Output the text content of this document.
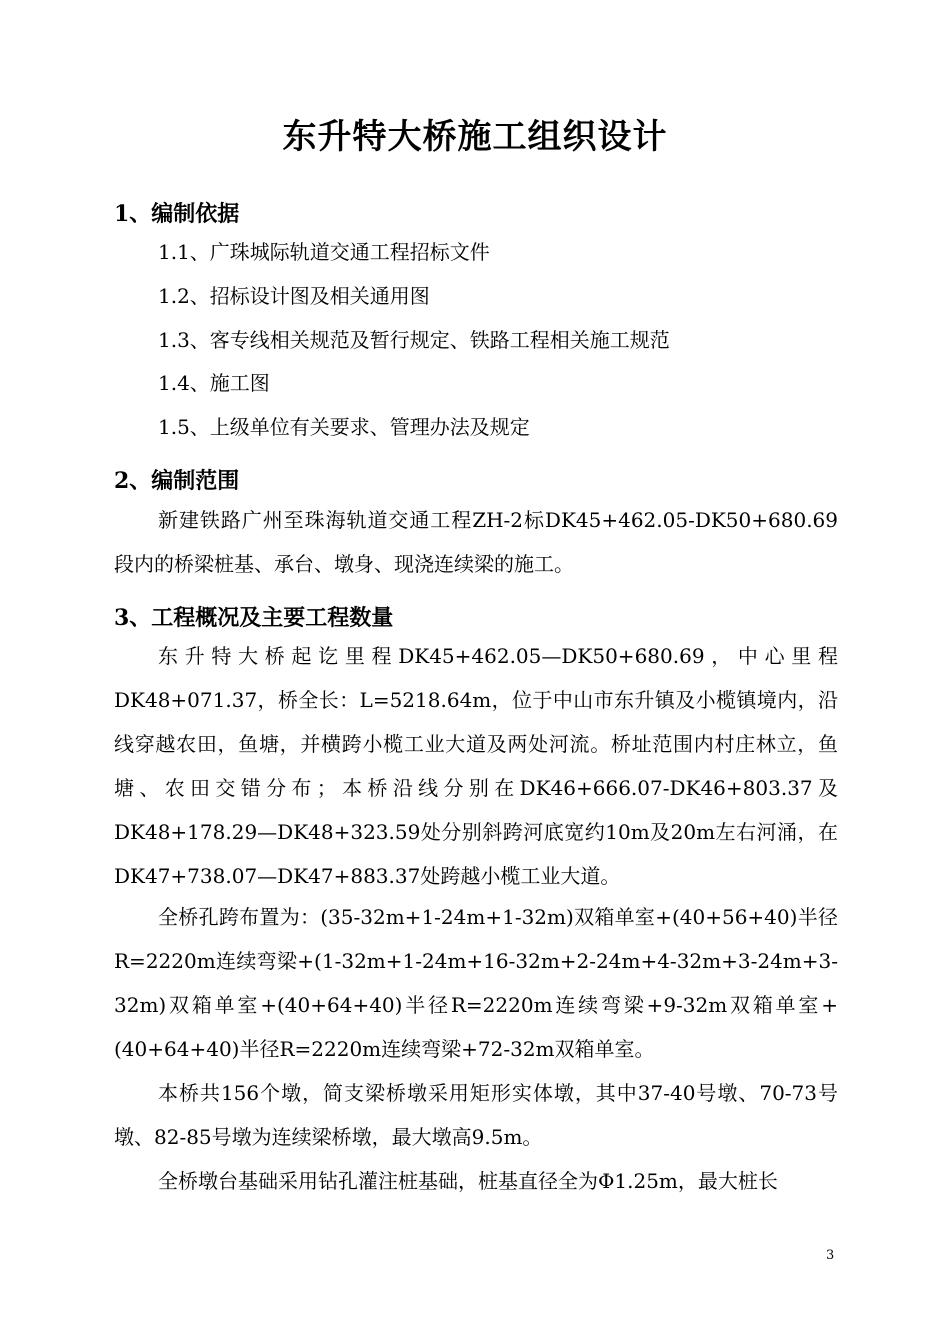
东升特大桥施工组织设计
1、编制依据
1.1、广珠城际轨道交通工程招标文件
1.2、招标设计图及相关通用图
1.3、客专线相关规范及暂行规定、铁路工程相关施工规范
1.4、施工图
1.5、上级单位有关要求、管理办法及规定
2、编制范围
新建铁路广州至珠海轨道交通工程ZH-2标DK45+462.05-DK50+680.69段内的桥梁桩基、承台、墩身、现浇连续梁的施工。
3、工程概况及主要工程数量
东升特大桥起讫里程DK45+462.05—DK50+680.69，中心里程DK48+071.37，桥全长：L=5218.64m，位于中山市东升镇及小榄镇境内，沿线穿越农田，鱼塘，并横跨小榄工业大道及两处河流。桥址范围内村庄林立，鱼塘、农田交错分布；本桥沿线分别在DK46+666.07-DK46+803.37及DK48+178.29—DK48+323.59处分别斜跨河底宽约10m及20m左右河涌，在DK47+738.07—DK47+883.37处跨越小榄工业大道。
全桥孔跨布置为：(35-32m+1-24m+1-32m)双箱单室+(40+56+40)半径R=2220m连续弯梁+(1-32m+1-24m+16-32m+2-24m+4-32m+3-24m+3-32m)双箱单室+(40+64+40)半径R=2220m连续弯梁+9-32m双箱单室+(40+64+40)半径R=2220m连续弯梁+72-32m双箱单室。
本桥共156个墩，简支梁桥墩采用矩形实体墩，其中37-40号墩、70-73号墩、82-85号墩为连续梁桥墩，最大墩高9.5m。
全桥墩台基础采用钻孔灌注桩基础，桩基直径全为Φ1.25m，最大桩长
3
